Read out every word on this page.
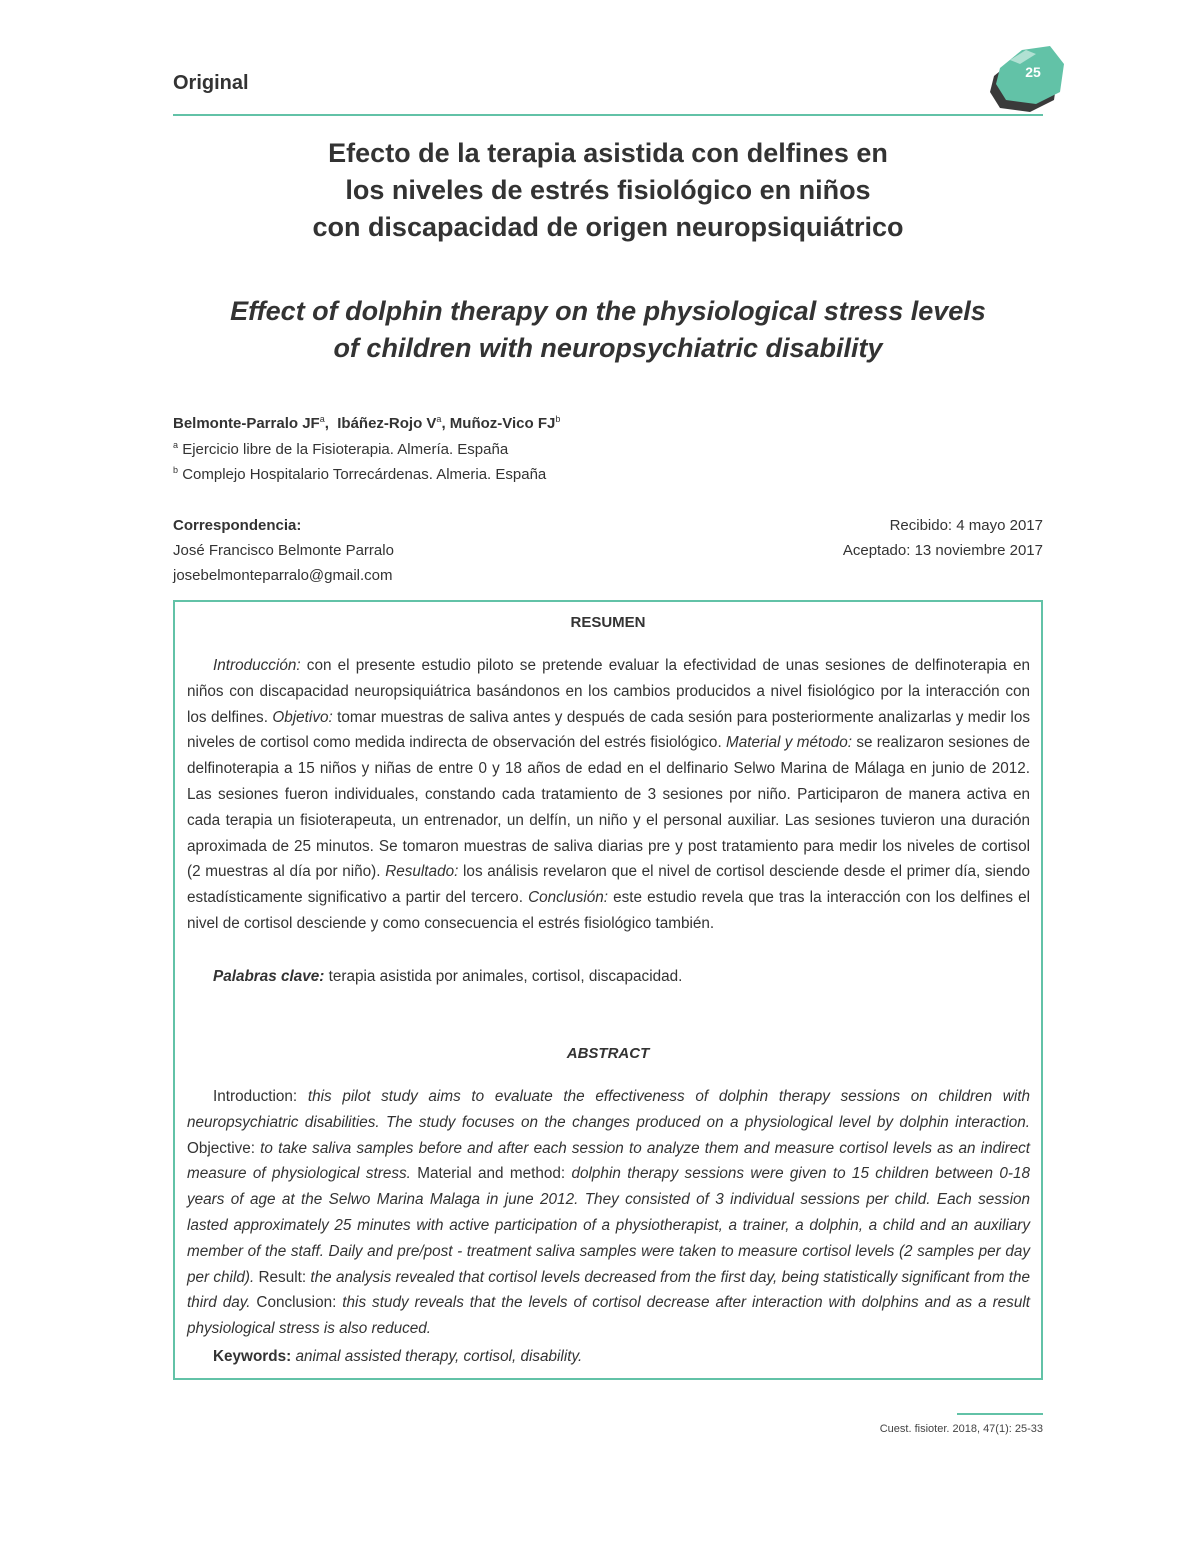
Original	25
Efecto de la terapia asistida con delfines en
los niveles de estrés fisiológico en niños
con discapacidad de origen neuropsiquiátrico
Effect of dolphin therapy on the physiological stress levels
of children with neuropsychiatric disability
Belmonte-Parralo $JF^a$,  Ibáñez-Rojo $V^a$, Muñoz-Vico $FJ^b$
$^a$ Ejercicio libre de la Fisioterapia. Almería. España
$^b$ Complejo Hospitalario Torrecárdenas. Almeria. España
Correspondencia:
José Francisco Belmonte Parralo
josebelmonteparralo@gmail.com
Recibido: 4 mayo 2017
Aceptado: 13 noviembre 2017
RESUMEN
Introducción: con el presente estudio piloto se pretende evaluar la efectividad de unas sesiones de delfinoterapia en niños con discapacidad neuropsiquiátrica basándonos en los cambios producidos a nivel fisiológico por la interacción con los delfines. Objetivo: tomar muestras de saliva antes y después de cada sesión para posteriormente analizarlas y medir los niveles de cortisol como medida indirecta de observación del estrés fisiológico. Material y método: se realizaron sesiones de delfinoterapia a 15 niños y niñas de entre 0 y 18 años de edad en el delfinario Selwo Marina de Málaga en junio de 2012. Las sesiones fueron individuales, constando cada tratamiento de 3 sesiones por niño. Participaron de manera activa en cada terapia un fisioterapeuta, un entrenador, un delfín, un niño y el personal auxiliar. Las sesiones tuvieron una duración aproximada de 25 minutos. Se tomaron muestras de saliva diarias pre y post tratamiento para medir los niveles de cortisol (2 muestras al día por niño). Resultado: los análisis revelaron que el nivel de cortisol desciende desde el primer día, siendo estadísticamente significativo a partir del tercero. Conclusión: este estudio revela que tras la interacción con los delfines el nivel de cortisol desciende y como consecuencia el estrés fisiológico también.
Palabras clave: terapia asistida por animales, cortisol, discapacidad.
ABSTRACT
Introduction: this pilot study aims to evaluate the effectiveness of dolphin therapy sessions on children with neuropsychiatric disabilities. The study focuses on the changes produced on a physiological level by dolphin interaction. Objective: to take saliva samples before and after each session to analyze them and measure cortisol levels as an indirect measure of physiological stress. Material and method: dolphin therapy sessions were given to 15 children between 0-18 years of age at the Selwo Marina Malaga in june 2012. They consisted of 3 individual sessions per child. Each session lasted approximately 25 minutes with active participation of a physiotherapist, a trainer, a dolphin, a child and an auxiliary member of the staff. Daily and pre/post - treatment saliva samples were taken to measure cortisol levels (2 samples per day per child). Result: the analysis revealed that cortisol levels decreased from the first day, being statistically significant from the third day. Conclusion: this study reveals that the levels of cortisol decrease after interaction with dolphins and as a result physiological stress is also reduced.
Keywords: animal assisted therapy, cortisol, disability.
Cuest. fisioter. 2018, 47(1): 25-33
